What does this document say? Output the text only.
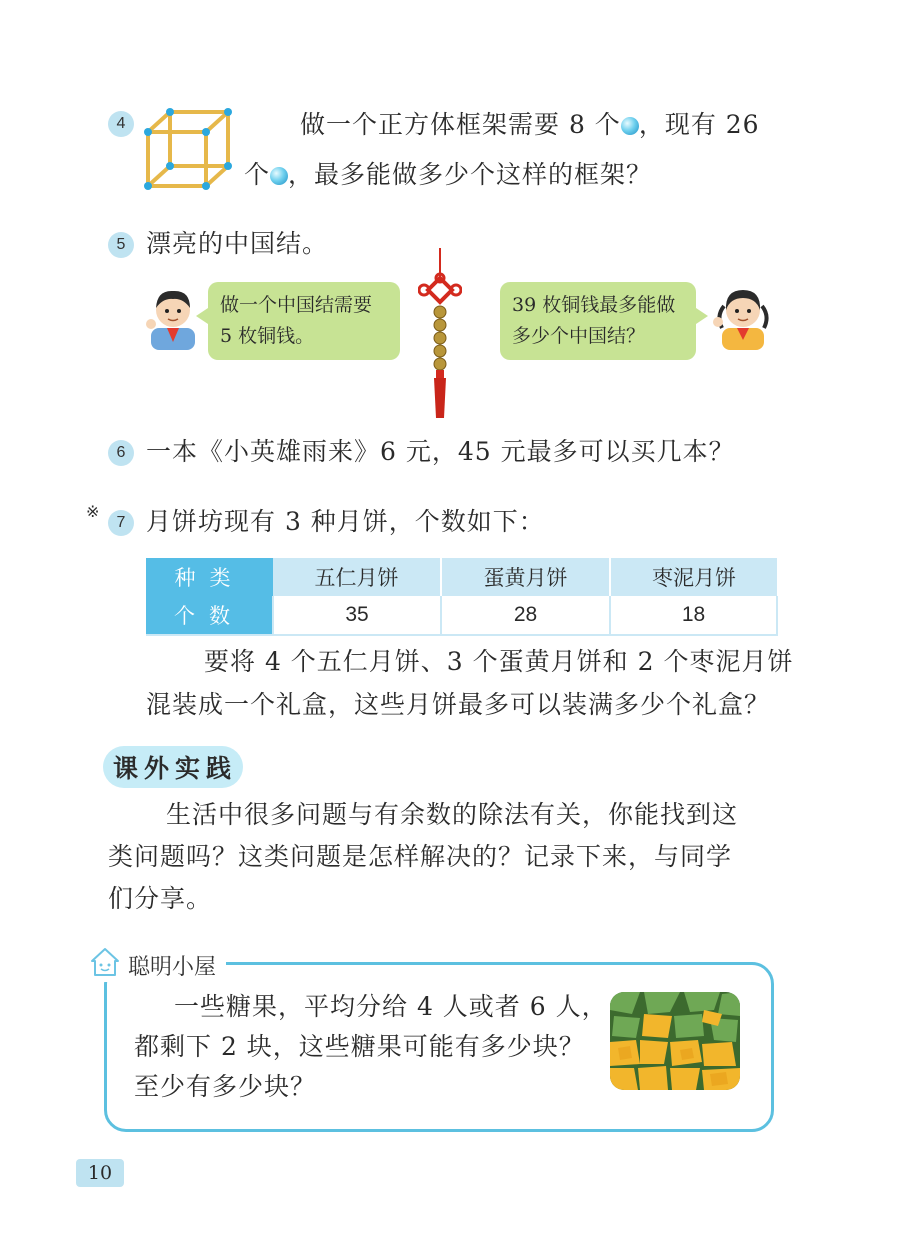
4	做一个正方体框架需要 8 个 ，现有 26
个 ，最多能做多少个这样的框架？
5 漂亮的中国结。
做一个中国结需要
5 枚铜钱。
39 枚铜钱最多能做
多少个中国结？
6 一本《小英雄雨来》6 元，45 元最多可以买几本？
※
7 月饼坊现有 3 种月饼，个数如下：
种类	五仁月饼	蛋黄月饼	枣泥月饼
个数	35	28	18
要将 4 个五仁月饼、3 个蛋黄月饼和 2 个枣泥月饼
混装成一个礼盒，这些月饼最多可以装满多少个礼盒？
课外实践
生活中很多问题与有余数的除法有关，你能找到这
类问题吗？这类问题是怎样解决的？记录下来，与同学
们分享。
聪明小屋
一些糖果，平均分给 4 人或者 6 人，
都剩下 2 块，这些糖果可能有多少块？
至少有多少块？
10
